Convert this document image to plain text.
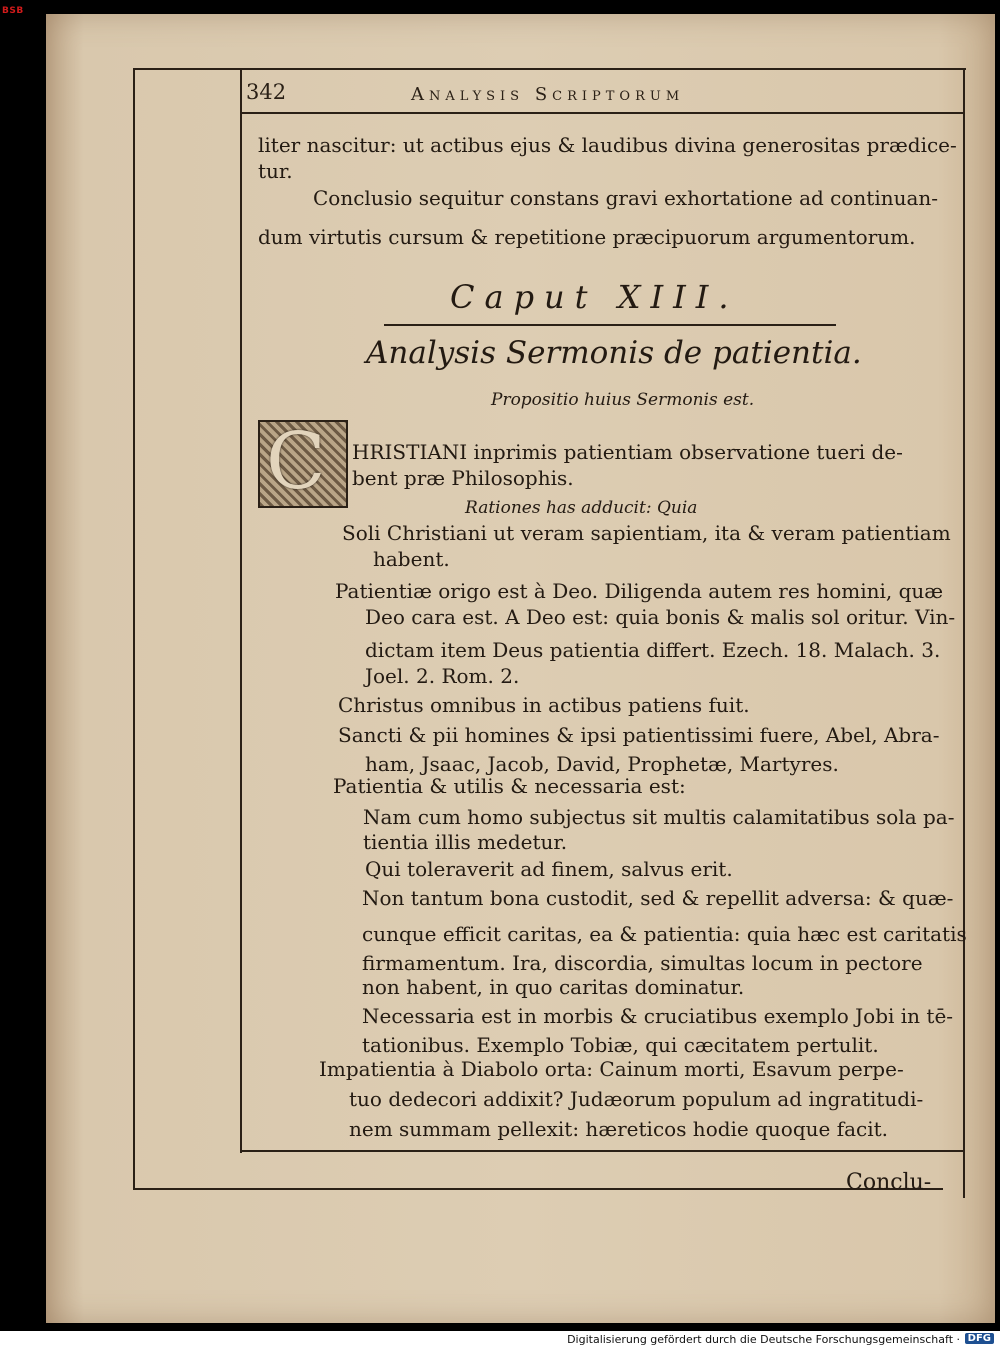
BSB
342	Analysis Scriptorum
liter nascitur: ut actibus ejus & laudibus divina generositas prædice-
tur.
Conclusio sequitur constans gravi exhortatione ad continuan-
dum virtutis cursum & repetitione præcipuorum argumentorum.
Caput XIII.
Analysis Sermonis de patientia.
Propositio huius Sermonis est.
C HRISTIANI inprimis patientiam observatione tueri de-
bent præ Philosophis.
Rationes has adducit: Quia
Soli Christiani ut veram sapientiam, ita & veram patientiam
habent.
Patientiæ origo est à Deo. Diligenda autem res homini, quæ
Deo cara est. A Deo est: quia bonis & malis sol oritur. Vin-
dictam item Deus patientia differt. Ezech. 18. Malach. 3.
Joel. 2. Rom. 2.
Christus omnibus in actibus patiens fuit.
Sancti & pii homines & ipsi patientissimi fuere, Abel, Abra-
ham, Jsaac, Jacob, David, Prophetæ, Martyres.
Patientia & utilis & necessaria est:
Nam cum homo subjectus sit multis calamitatibus sola pa-
tientia illis medetur.
Qui toleraverit ad finem, salvus erit.
Non tantum bona custodit, sed & repellit adversa: & quæ-
cunque efficit caritas, ea & patientia: quia hæc est caritatis
firmamentum. Ira, discordia, simultas locum in pectore
non habent, in quo caritas dominatur.
Necessaria est in morbis & cruciatibus exemplo Jobi in tē-
tationibus. Exemplo Tobiæ, qui cæcitatem pertulit.
Impatientia à Diabolo orta: Cainum morti, Esavum perpe-
tuo dedecori addixit? Judæorum populum ad ingratitudi-
nem summam pellexit: hæreticos hodie quoque facit.
Conclu-
Digitalisierung gefördert durch die Deutsche Forschungsgemeinschaft · DFG
